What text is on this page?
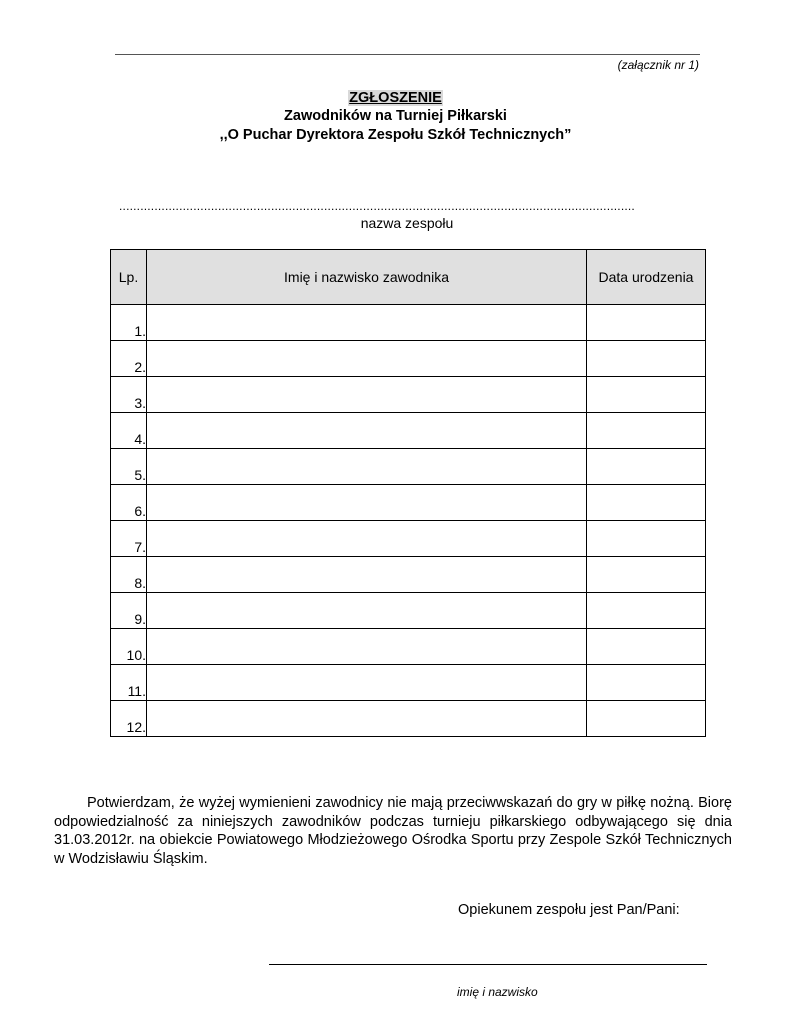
(załącznik nr 1)
ZGŁOSZENIE
Zawodników na Turniej Piłkarski
,,O Puchar Dyrektora Zespołu Szkół Technicznych”
..................................................................................................................................................
nazwa zespołu
Lp.	Imię i nazwisko zawodnika	Data urodzenia
1.		
2.		
3.		
4.		
5.		
6.		
7.		
8.		
9.		
10.		
11.		
12.		
Potwierdzam, że wyżej wymienieni zawodnicy nie mają przeciwwskazań do gry w piłkę nożną. Biorę odpowiedzialność za niniejszych zawodników podczas turnieju piłkarskiego odbywającego się dnia 31.03.2012r. na obiekcie Powiatowego Młodzieżowego Ośrodka Sportu przy Zespole Szkół Technicznych w Wodzisławiu Śląskim.
Opiekunem zespołu jest Pan/Pani:
imię i nazwisko
